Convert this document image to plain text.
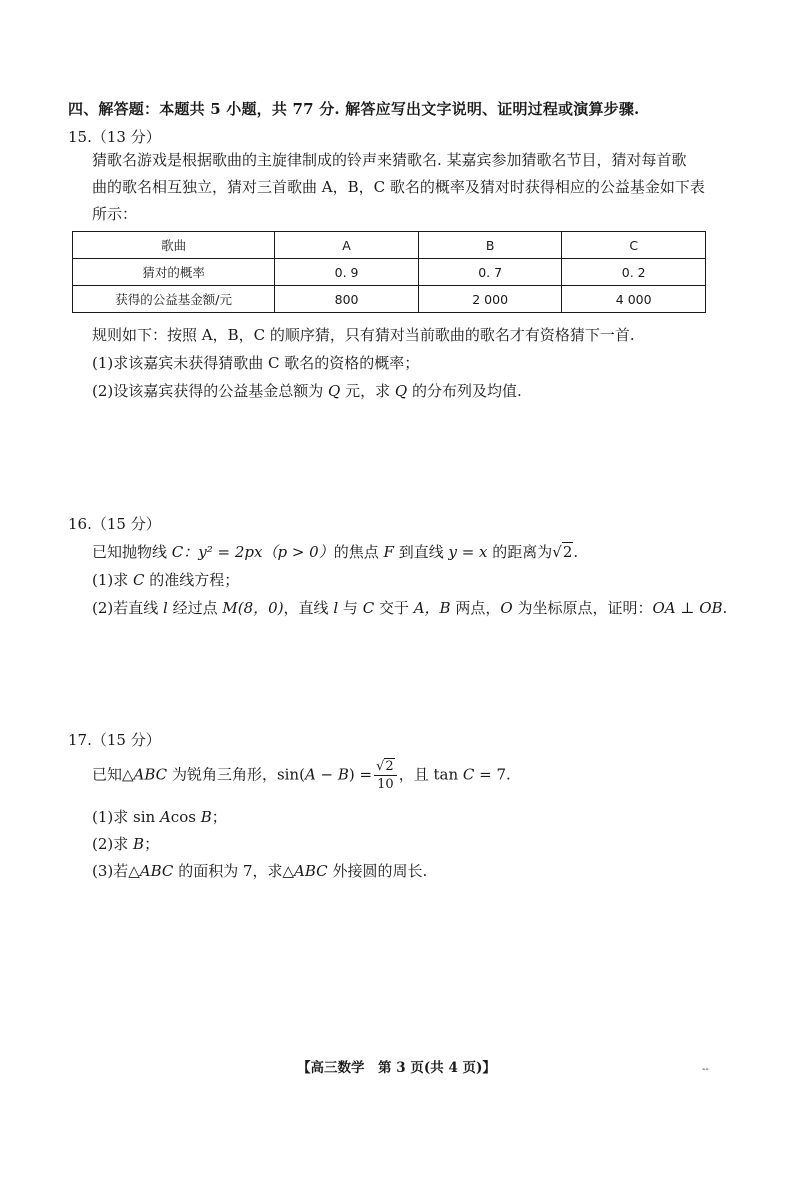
四、解答题：本题共 5 小题，共 77 分. 解答应写出文字说明、证明过程或演算步骤.
15.（13 分）
猜歌名游戏是根据歌曲的主旋律制成的铃声来猜歌名. 某嘉宾参加猜歌名节目，猜对每首歌
曲的歌名相互独立，猜对三首歌曲 A，B，C 歌名的概率及猜对时获得相应的公益基金如下表
所示：
歌曲	A	B	C
猜对的概率	0. 9	0. 7	0. 2
获得的公益基金额/元	800	2 000	4 000
规则如下：按照 A，B，C 的顺序猜，只有猜对当前歌曲的歌名才有资格猜下一首.
(1)求该嘉宾未获得猜歌曲 C 歌名的资格的概率；
(2)设该嘉宾获得的公益基金总额为 Q 元，求 Q 的分布列及均值.
16.（15 分）
已知抛物线 C：y² = 2px（p > 0）的焦点 F 到直线 y = x 的距离为√2.
(1)求 C 的准线方程；
(2)若直线 l 经过点 M(8，0)，直线 l 与 C 交于 A，B 两点，O 为坐标原点，证明：OA ⊥ OB.
17.（15 分）
已知△ABC 为锐角三角形，$\sin(A - B) = \frac{√2}{10}$ ，且 tan C = 7.
(1)求 sin Acos B；
(2)求 B；
(3)若△ABC 的面积为 7，求△ABC 外接圆的周长.
【高三数学　第 3 页(共 4 页)】	--
